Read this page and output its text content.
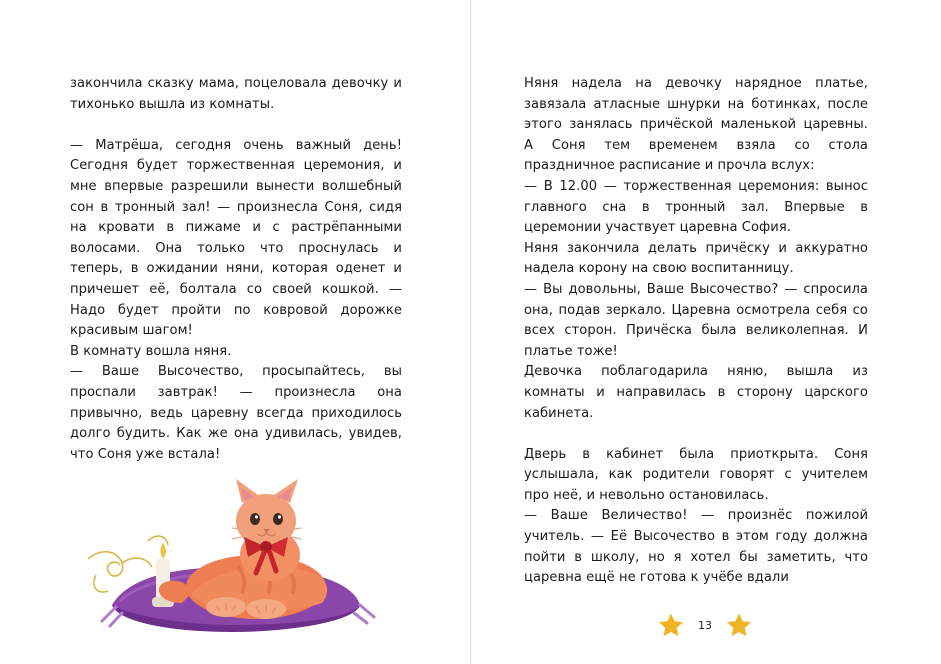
закончила сказку мама, поцеловала девочку и тихонько вышла из комнаты.

— Матрёша, сегодня очень важный день! Сегодня будет торжественная церемония, и мне впервые разрешили вынести волшебный сон в тронный зал! — произнесла Соня, сидя на кровати в пижаме и с растрёпанными волосами. Она только что проснулась и теперь, в ожидании няни, которая оденет и причешет её, болтала со своей кошкой. — Надо будет пройти по ковровой дорожке красивым шагом!

В комнату вошла няня.

— Ваше Высочество, просыпайтесь, вы проспали завтрак! — произнесла она привычно, ведь царевну всегда приходилось долго будить. Как же она удивилась, увидев, что Соня уже встала!

Няня надела на девочку нарядное платье, завязала атласные шнурки на ботинках, после этого занялась причёской маленькой царевны. А Соня тем временем взяла со стола праздничное расписание и прочла вслух:

— В 12.00 — торжественная церемония: вынос главного сна в тронный зал. Впервые в церемонии участвует царевна София.

Няня закончила делать причёску и аккуратно надела корону на свою воспитанницу.

— Вы довольны, Ваше Высочество? — спросила она, подав зеркало. Царевна осмотрела себя со всех сторон. Причёска была великолепная. И платье тоже!

Девочка поблагодарила няню, вышла из комнаты и направилась в сторону царского кабинета.

Дверь в кабинет была приоткрыта. Соня услышала, как родители говорят с учителем про неё, и невольно остановилась.

— Ваше Величество! — произнёс пожилой учитель. — Её Высочество в этом году должна пойти в школу, но я хотел бы заметить, что царевна ещё не готова к учёбе вдали

13
